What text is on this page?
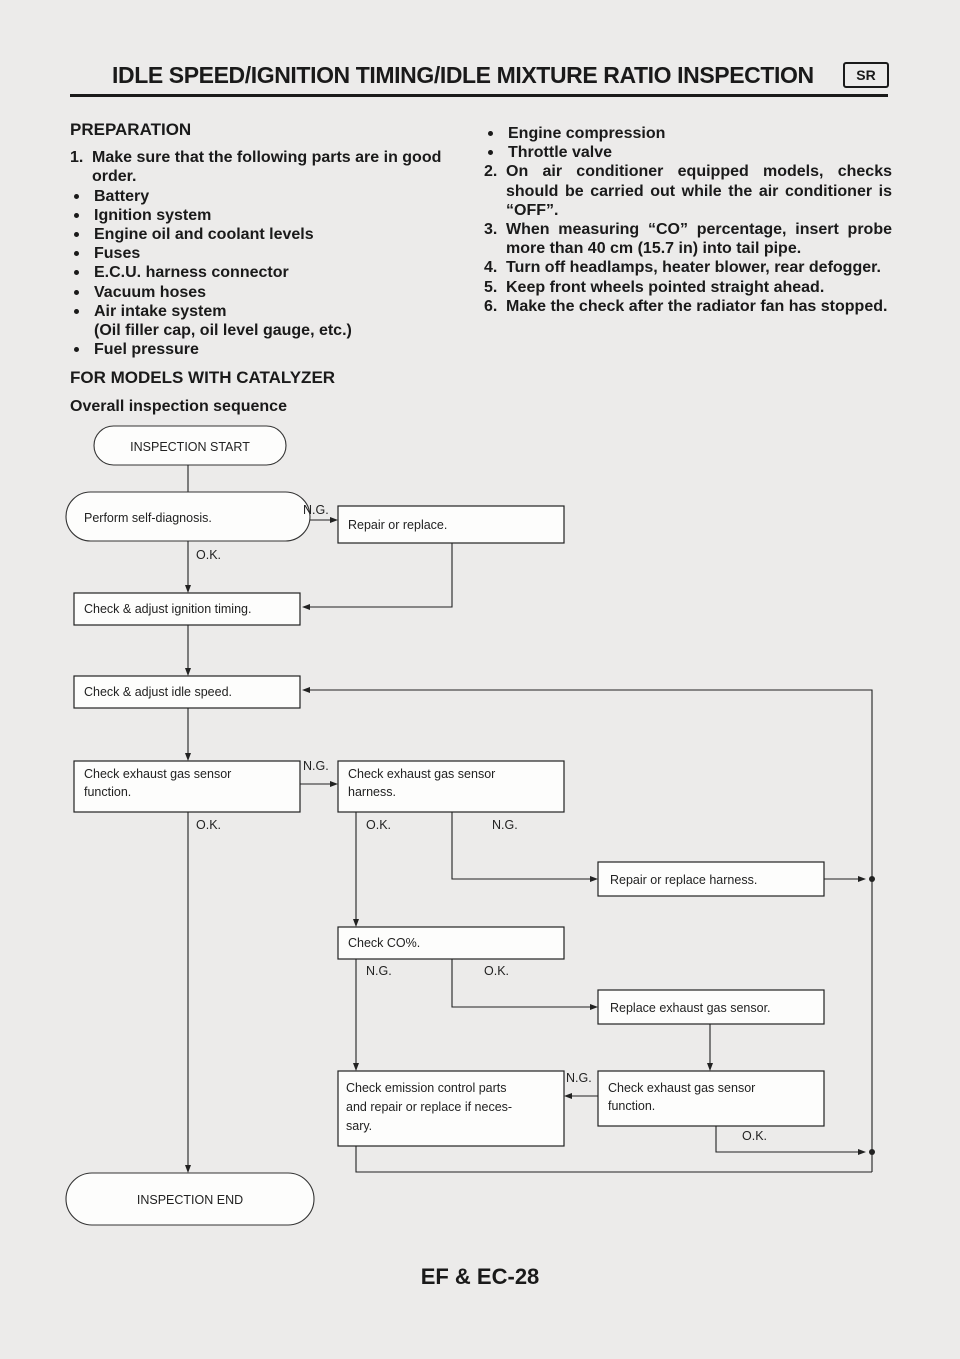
IDLE SPEED/IGNITION TIMING/IDLE MIXTURE RATIO INSPECTION	SR
PREPARATION
1. Make sure that the following parts are in good order.
Battery
Ignition system
Engine oil and coolant levels
Fuses
E.C.U. harness connector
Vacuum hoses
Air intake system
(Oil filler cap, oil level gauge, etc.)
Fuel pressure
Engine compression
Throttle valve
2. On air conditioner equipped models, checks should be carried out while the air conditioner is “OFF”.
3. When measuring “CO” percentage, insert probe more than 40 cm (15.7 in) into tail pipe.
4. Turn off headlamps, heater blower, rear defogger.
5. Keep front wheels pointed straight ahead.
6. Make the check after the radiator fan has stopped.
FOR MODELS WITH CATALYZER
Overall inspection sequence
INSPECTION START
Perform self-diagnosis.
N.G.
Repair or replace.
O.K.
Check & adjust ignition timing.
Check & adjust idle speed.
Check exhaust gas sensor
function.
O.K.
N.G.
Check exhaust gas sensor
harness.
O.K.	N.G.
Repair or replace harness.
Check CO%.
N.G.	O.K.
Replace exhaust gas sensor.
Check emission control parts
and repair or replace if neces-
sary.
Check exhaust gas sensor
function.
N.G.
O.K.
INSPECTION END
EF & EC-28
